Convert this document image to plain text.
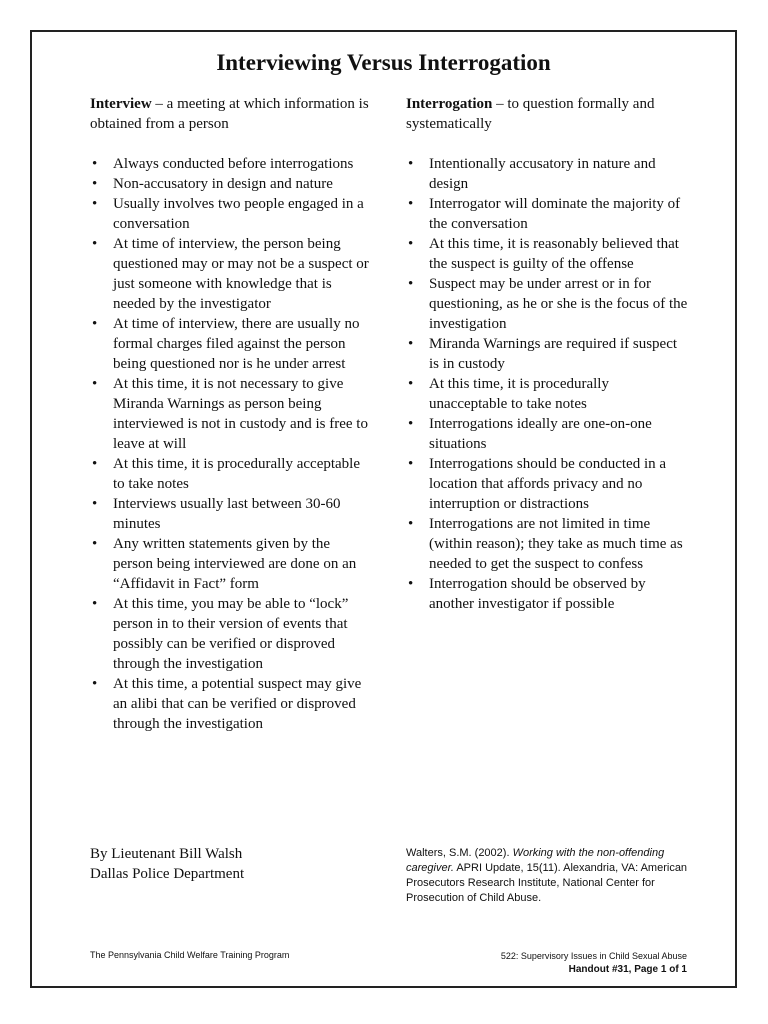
Interviewing Versus Interrogation

Interview – a meeting at which information is obtained from a person

• Always conducted before interrogations
• Non-accusatory in design and nature
• Usually involves two people engaged in a conversation
• At time of interview, the person being questioned may or may not be a suspect or just someone with knowledge that is needed by the investigator
• At time of interview, there are usually no formal charges filed against the person being questioned nor is he under arrest
• At this time, it is not necessary to give Miranda Warnings as person being interviewed is not in custody and is free to leave at will
• At this time, it is procedurally acceptable to take notes
• Interviews usually last between 30-60 minutes
• Any written statements given by the person being interviewed are done on an “Affidavit in Fact” form
• At this time, you may be able to “lock” person in to their version of events that possibly can be verified or disproved through the investigation
• At this time, a potential suspect may give an alibi that can be verified or disproved through the investigation

Interrogation – to question formally and systematically

• Intentionally accusatory in nature and design
• Interrogator will dominate the majority of the conversation
• At this time, it is reasonably believed that the suspect is guilty of the offense
• Suspect may be under arrest or in for questioning, as he or she is the focus of the investigation
• Miranda Warnings are required if suspect is in custody
• At this time, it is procedurally unacceptable to take notes
• Interrogations ideally are one-on-one situations
• Interrogations should be conducted in a location that affords privacy and no interruption or distractions
• Interrogations are not limited in time (within reason); they take as much time as needed to get the suspect to confess
• Interrogation should be observed by another investigator if possible
By Lieutenant Bill Walsh
Dallas Police Department
Walters, S.M. (2002). Working with the non-offending caregiver. APRI Update, 15(11). Alexandria, VA: American Prosecutors Research Institute, National Center for Prosecution of Child Abuse.
The Pennsylvania Child Welfare Training Program	522: Supervisory Issues in Child Sexual Abuse
Handout #31, Page 1 of 1
